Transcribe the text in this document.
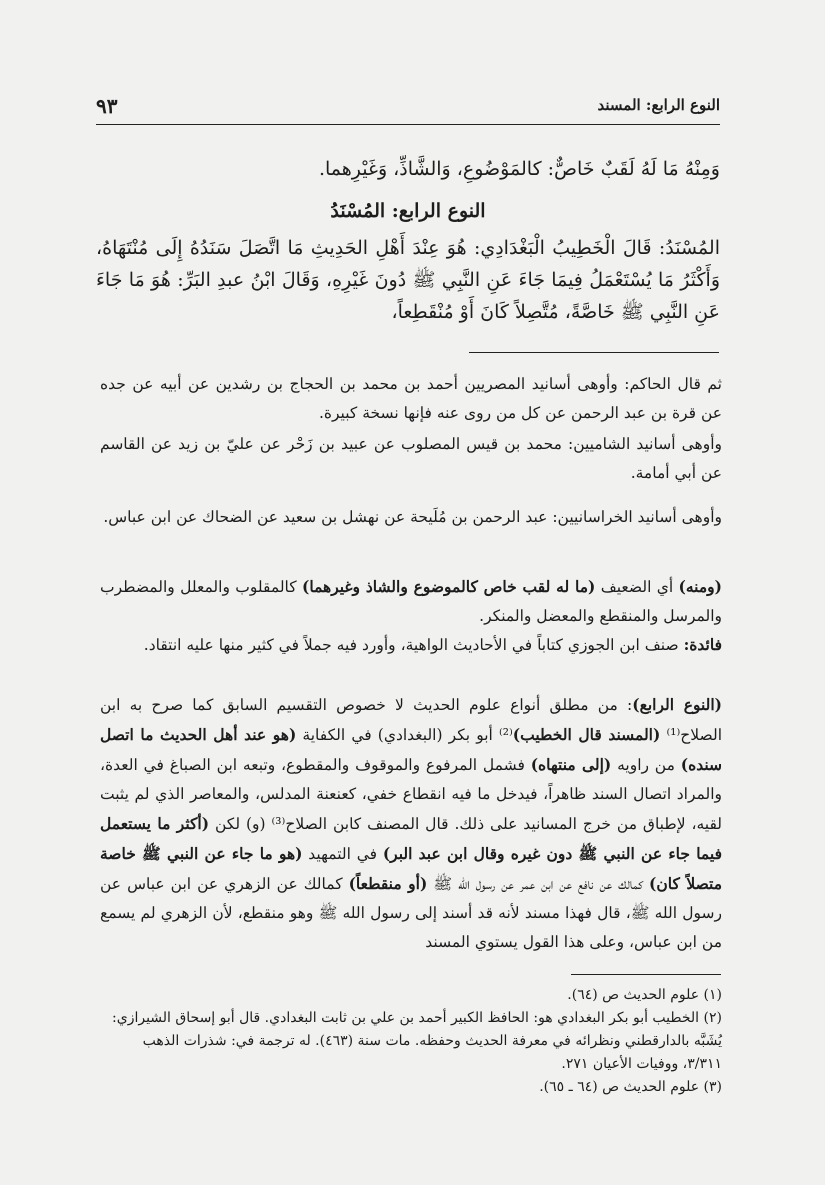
النوع الرابع: المسند
٩٣
وَمِنْهُ مَا لَهُ لَقَبٌ خَاصٌّ: كالمَوْضُوعِ، وَالشَّاذِّ، وَغَيْرِهما.
النوع الرابع: المُسْنَدُ
المُسْنَدُ: قَالَ الْخَطِيبُ الْبَغْدَادِي: هُوَ عِنْدَ أَهْلِ الحَدِيثِ مَا اتَّصَلَ سَنَدُهُ إِلَى مُنْتَهَاهُ، وَأَكْثَرُ مَا يُسْتَعْمَلُ فِيمَا جَاءَ عَنِ النَّبِي ﷺ دُونَ غَيْرِهِ، وَقَالَ ابْنُ عبدِ البَرِّ: هُوَ مَا جَاءَ عَنِ النَّبِي ﷺ خَاصَّةً، مُتَّصِلاً كَانَ أَوْ مُنْقَطِعاً،

ثم قال الحاكم: وأوهى أسانيد المصريين أحمد بن محمد بن الحجاج بن رشدين عن أبيه عن جده عن قرة بن عبد الرحمن عن كل من روى عنه فإنها نسخة كبيرة.

وأوهى أسانيد الشاميين: محمد بن قيس المصلوب عن عبيد بن زَحْر عن عليّ بن زيد عن القاسم عن أبي أمامة.

وأوهى أسانيد الخراسانيين: عبد الرحمن بن مُلَيحة عن نهشل بن سعيد عن الضحاك عن ابن عباس.

(ومنه) أي الضعيف (ما له لقب خاص كالموضوع والشاذ وغيرهما) كالمقلوب والمعلل والمضطرب والمرسل والمنقطع والمعضل والمنكر.

فائدة: صنف ابن الجوزي كتاباً في الأحاديث الواهية، وأورد فيه جملاً في كثير منها عليه انتقاد.

(النوع الرابع): من مطلق أنواع علوم الحديث لا خصوص التقسيم السابق كما صرح به ابن الصلاح⁽¹⁾ (المسند قال الخطيب)⁽²⁾ أبو بكر (البغدادي) في الكفاية (هو عند أهل الحديث ما اتصل سنده) من راويه (إلى منتهاه) فشمل المرفوع والموقوف والمقطوع، وتبعه ابن الصباغ في العدة، والمراد اتصال السند ظاهراً، فيدخل ما فيه انقطاع خفي، كعنعنة المدلس، والمعاصر الذي لم يثبت لقيه، لإطباق من خرج المسانيد على ذلك. قال المصنف كابن الصلاح⁽³⁾ (و) لكن (أكثر ما يستعمل فيما جاء عن النبي ﷺ دون غيره وقال ابن عبد البر) في التمهيد (هو ما جاء عن النبي ﷺ خاصة متصلاً كان) كمالك عن نافع عن ابن عمر عن رسول الله ﷺ (أو منقطعاً) كمالك عن الزهري عن ابن عباس عن رسول الله ﷺ، قال فهذا مسند لأنه قد أسند إلى رسول الله ﷺ وهو منقطع، لأن الزهري لم يسمع من ابن عباس، وعلى هذا القول يستوي المسند

(١) علوم الحديث ص (٦٤).

(٢) الخطيب أبو بكر البغدادي هو: الحافظ الكبير أحمد بن علي بن ثابت البغدادي. قال أبو إسحاق الشيرازي: يُشَبَّه بالدارقطني ونظرائه في معرفة الحديث وحفظه. مات سنة (٤٦٣). له ترجمة في: شذرات الذهب ٣/٣١١، ووفيات الأعيان ٢٧١.

(٣) علوم الحديث ص (٦٤ ـ ٦٥).
